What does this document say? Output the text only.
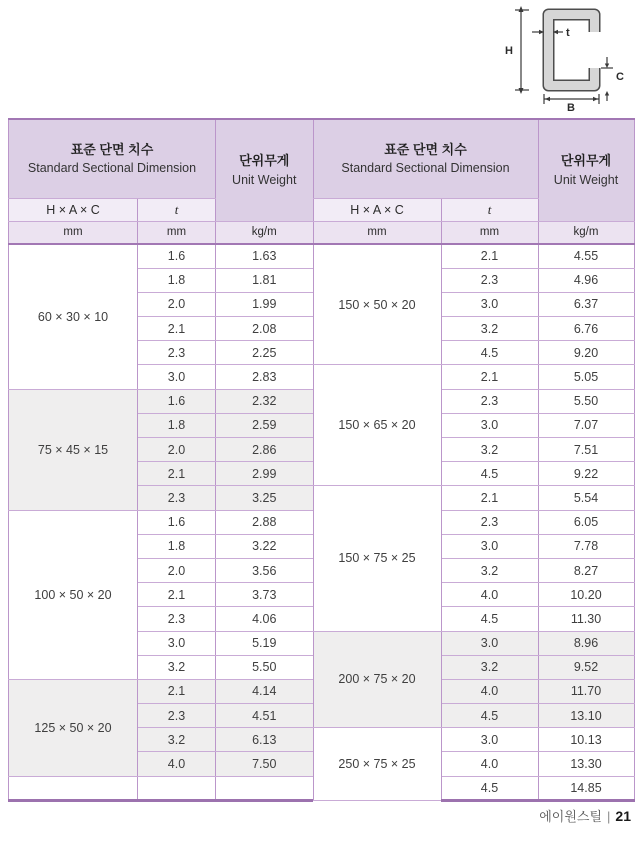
H
t
C
B
표준 단면 치수
Standard Sectional Dimension	단위무게
Unit Weight

H × A × C	t	
mm	mm	kg/m
60 × 30 × 10	1.6	1.63
	1.8	1.81
	2.0	1.99
	2.1	2.08
	2.3	2.25
	3.0	2.83
75 × 45 × 15	1.6	2.32
	1.8	2.59
	2.0	2.86
	2.1	2.99
	2.3	3.25
100 × 50 × 20	1.6	2.88
	1.8	3.22
	2.0	3.56
	2.1	3.73
	2.3	4.06
	3.0	5.19
	3.2	5.50
125 × 50 × 20	2.1	4.14
	2.3	4.51
	3.2	6.13
	4.0	7.50

표준 단면 치수
Standard Sectional Dimension	단위무게
Unit Weight

H × A × C	t	
mm	mm	kg/m
150 × 50 × 20	2.1	4.55
	2.3	4.96
	3.0	6.37
	3.2	6.76
	4.5	9.20
150 × 65 × 20	2.1	5.05
	2.3	5.50
	3.0	7.07
	3.2	7.51
	4.5	9.22
150 × 75 × 25	2.1	5.54
	2.3	6.05
	3.0	7.78
	3.2	8.27
	4.0	10.20
	4.5	11.30
200 × 75 × 20	3.0	8.96
	3.2	9.52
	4.0	11.70
	4.5	13.10
250 × 75 × 25	3.0	10.13
	4.0	13.30
	4.5	14.85
에이원스틸 | 21
